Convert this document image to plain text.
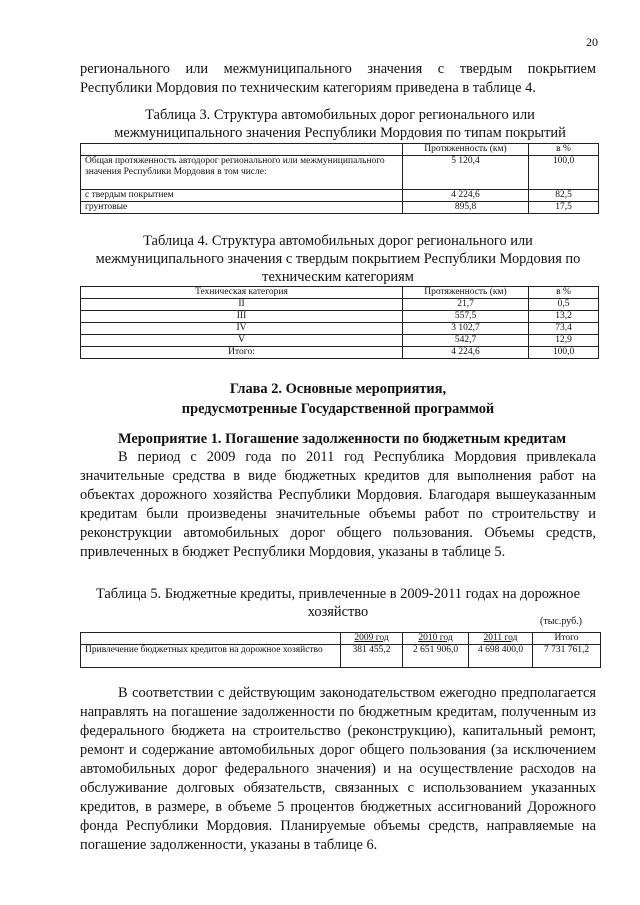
20

регионального или межмуниципального значения с твердым покрытием Республики Мордовия по техническим категориям приведена в таблице 4.

Таблица 3. Структура автомобильных дорог регионального или межмуниципального значения Республики Мордовия по типам покрытий

	Протяженность (км)	в %
Общая протяженность автодорог регионального или межмуниципального значения Республики Мордовия в том числе:	5 120,4	100,0
с твердым покрытием	4 224,6	82,5
грунтовые	895,8	17,5

Таблица 4. Структура автомобильных дорог регионального или межмуниципального значения с твердым покрытием Республики Мордовия по техническим категориям

Техническая категория	Протяженность (км)	в %
II	21,7	0,5
III	557,5	13,2
IV	3 102,7	73,4
V	542,7	12,9
Итого:	4 224,6	100,0

Глава 2. Основные мероприятия,

предусмотренные Государственной программой

Мероприятие 1. Погашение задолженности по бюджетным кредитам

В период с 2009 года по 2011 год Республика Мордовия привлекала значительные средства в виде бюджетных кредитов для выполнения работ на объектах дорожного хозяйства Республики Мордовия. Благодаря вышеуказанным кредитам были произведены значительные объемы работ по строительству и реконструкции автомобильных дорог общего пользования. Объемы средств, привлеченных в бюджет Республики Мордовия, указаны в таблице 5.

Таблица 5. Бюджетные кредиты, привлеченные в 2009-2011 годах на дорожное хозяйство

(тыс.руб.)
	2009 год	2010 год	2011 год	Итого
Привлечение бюджетных кредитов на дорожное хозяйство	381 455,2	2 651 906,0	4 698 400,0	7 731 761,2

В соответствии с действующим законодательством ежегодно предполагается направлять на погашение задолженности по бюджетным кредитам, полученным из федерального бюджета на строительство (реконструкцию), капитальный ремонт, ремонт и содержание автомобильных дорог общего пользования (за исключением автомобильных дорог федерального значения) и на осуществление расходов на обслуживание долговых обязательств, связанных с использованием указанных кредитов, в размере, в объеме 5 процентов бюджетных ассигнований Дорожного фонда Республики Мордовия. Планируемые объемы средств, направляемые на погашение задолженности, указаны в таблице 6.
